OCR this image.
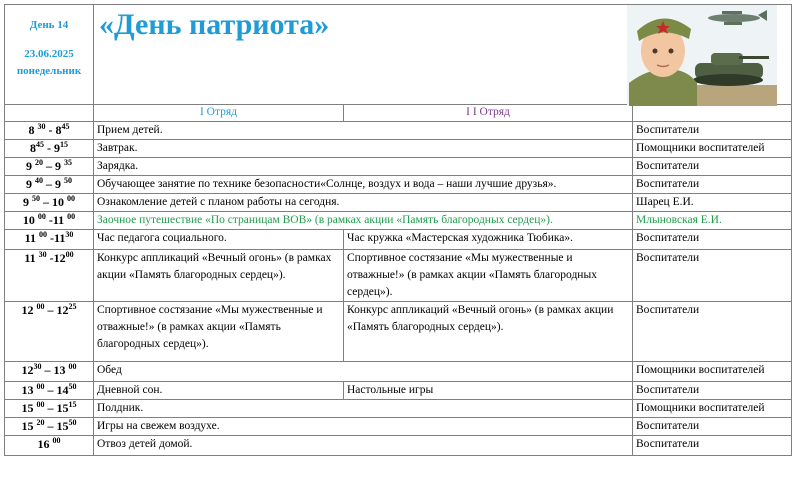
День 14
23.06.2025
понедельник	«День патриота»		

	I Отряд	I I Отряд	
8 $^{30} - 8^{45}$	Прием детей.		Воспитатели
$8^{45} - 9^{15}$	Завтрак.		Помощники воспитателей
9 $^{20}$ – 9 $^{35}$	Зарядка.		Воспитатели
9 $^{40}$ – 9 $^{50}$	Обучающее занятие по технике безопасности«Солнце, воздух и вода – наши лучшие друзья».		Воспитатели
9 $^{50}$ – 10 $^{00}$	Ознакомление детей с планом работы на сегодня.		Шарец Е.И.
10 $^{00}$ -11 $^{00}$	Заочное путешествие «По страницам ВОВ» (в рамках акции «Память благородных сердец»).		Млыновская Е.И.
11 $^{00}$ $-11^{30}$	Час педагога социального.	Час кружка «Мастерская художника Тюбика».	Воспитатели
11 $^{30}$ $-12^{00}$	Конкурс аппликаций «Вечный огонь» (в рамках акции «Память благородных сердец»).	Спортивное состязание «Мы мужественные и отважные!» (в рамках акции «Память благородных сердец»).	Воспитатели
12 $^{00} - 12^{25}$	Спортивное состязание «Мы мужественные и отважные!» (в рамках акции «Память благородных сердец»).	Конкурс аппликаций «Вечный огонь» (в рамках акции «Память благородных сердец»).	Воспитатели
$12^{30} - 13$ $^{00}$	Обед		Помощники воспитателей
13 $^{00} - 14^{50}$	Дневной сон.	Настольные игры	Воспитатели
15 $^{00} - 15^{15}$	Полдник.		Помощники воспитателей
15 $^{20} - 15^{50}$	Игры на свежем воздухе.		Воспитатели
16 $^{00}$	Отвоз детей домой.		Воспитатели
